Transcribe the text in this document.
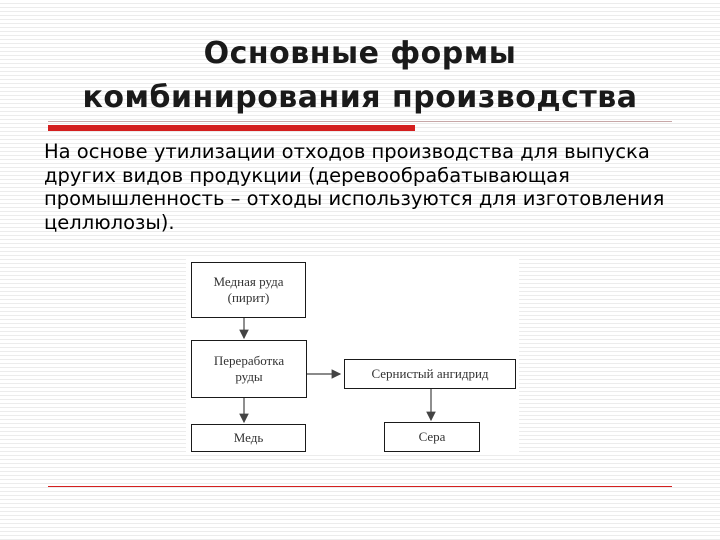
Основные формы
комбинирования производства
На основе утилизации отходов производства для выпуска других видов продукции (деревообрабатывающая промышленность – отходы используются для изготовления целлюлозы).
Медная руда
(пирит)
Переработка
руды	Сернистый ангидрид
Медь	Сера
